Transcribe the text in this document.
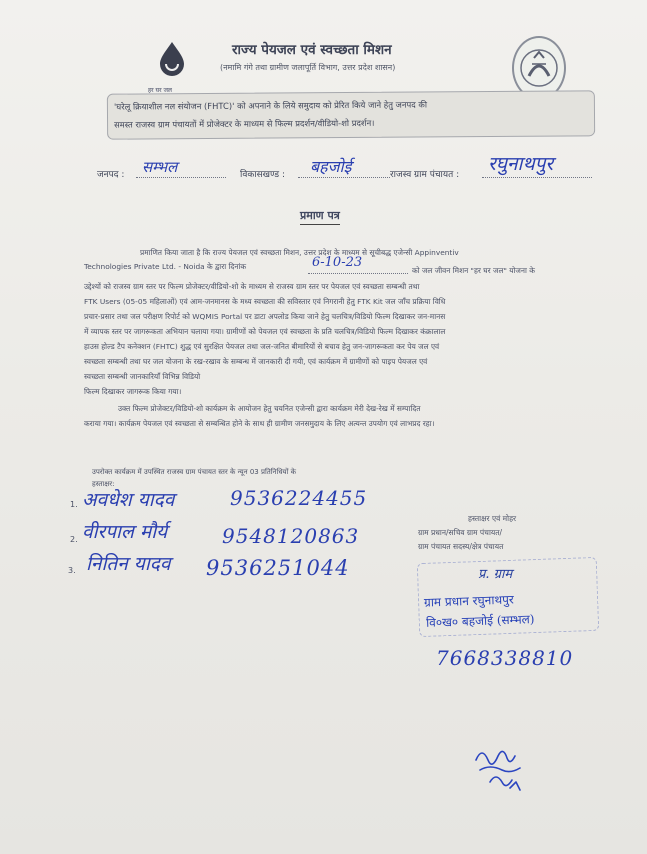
हर घर जल
राज्य पेयजल एवं स्वच्छता मिशन
(नमामि गंगे तथा ग्रामीण जलापूर्ति विभाग, उत्तर प्रदेश शासन)
'घरेलू क्रियाशील नल संयोजन (FHTC)' को अपनाने के लिये समुदाय को प्रेरित किये जाने हेतु जनपद की
समस्त राजस्व ग्राम पंचायतों में प्रोजेक्टर के माध्यम से फिल्म प्रदर्शन/वीडियो-शो प्रदर्शन।
जनपद : सम्भल	विकासखण्ड : बहजोई	राजस्व ग्राम पंचायत : रघुनाथपुर
प्रमाण पत्र
प्रमाणित किया जाता है कि राज्य पेयजल एवं स्वच्छता मिशन, उत्तर प्रदेश के माध्यम से सूचीबद्ध एजेन्सी Appinventiv
Technologies Private Ltd. - Noida के द्वारा दिनांक	6-10-23
को जल जीवन मिशन "हर घर जल" योजना के
उद्देश्यों को राजस्व ग्राम स्तर पर फिल्म प्रोजेक्टर/वीडियो-शो के माध्यम से राजस्व ग्राम स्तर पर पेयजल एवं स्वच्छता सम्बन्धी तथा
FTK Users (05-05 महिलाओं) एवं आम-जनमानस के मध्य स्वच्छता की सविस्तार एवं निगरानी हेतु FTK Kit जल जाँच प्रक्रिया विधि
प्रचार-प्रसार तथा जल परीक्षण रिपोर्ट को WQMIS Portal पर डाटा अपलोड किया जाने हेतु चलचित्र/विडियो फिल्म दिखाकर जन-मानस
में व्यापक स्तर पर जागरूकता अभियान चलाया गया। ग्रामीणों को पेयजल एवं स्वच्छता के प्रति चलचित्र/विडियो फिल्म दिखाकर कंक्रालाल
हाउस होल्ड टैप कनेक्शन (FHTC) शुद्ध एवं सुरक्षित पेयजल तथा जल-जनित बीमारियों से बचाव हेतु जन-जागरूकता कर पेय जल एवं
स्वच्छता सम्बन्धी तथा घर जल योजना के रख-रखाव के सम्बन्ध में जानकारी दी गयी, एवं कार्यक्रम में ग्रामीणों को पाइप पेयजल एवं
स्वच्छता सम्बन्धी जानकारियाँ विभिन्न विडियो
फिल्म दिखाकर जागरूक किया गया।
उक्त फिल्म प्रोजेक्टर/विडियो-शो कार्यक्रम के आयोजन हेतु चयनित एजेन्सी द्वारा कार्यक्रम मेरी देख-रेख में सम्पादित
कराया गया। कार्यक्रम पेयजल एवं स्वच्छता से सम्बन्धित होने के साथ ही ग्रामीण जनसमुदाय के लिए अत्यन्त उपयोग एवं लाभप्रद रहा।
उपरोक्त कार्यक्रम में उपस्थित राजस्व ग्राम पंचायत स्तर के न्यून 03 प्रतिनिधियों के
हस्ताक्षर:
1. अवधेश यादव	9536224455
2. वीरपाल मौर्य	9548120863
3. नितिन यादव 9536251044
हस्ताक्षर एवं मोहर
ग्राम प्रधान/सचिव ग्राम पंचायत/
ग्राम पंचायत सदस्य/क्षेत्र पंचायत
प्र. ग्राम
ग्राम प्रधान रघुनाथपुर
वि०ख० बहजोई (सम्भल)
7668338810
